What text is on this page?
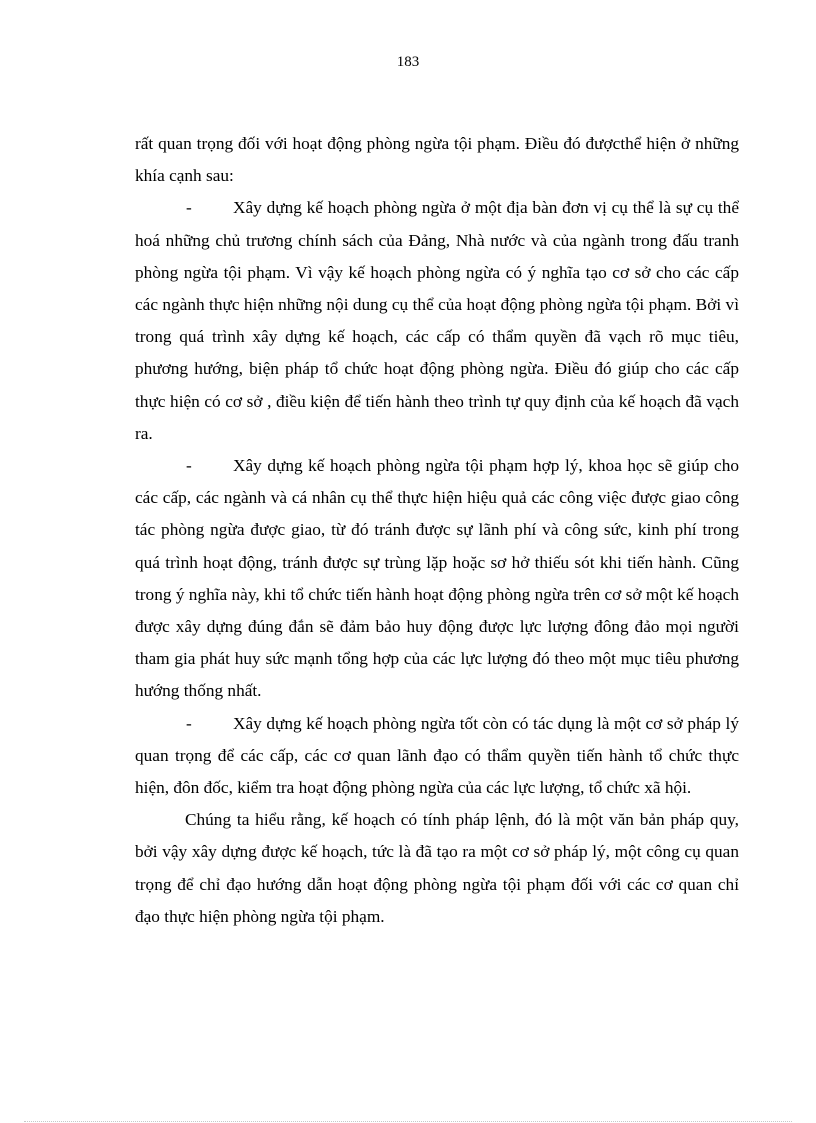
183

rất quan trọng đối với hoạt động phòng ngừa tội phạm. Điều đó đượcthể hiện ở những khía cạnh sau:

- Xây dựng kế hoạch phòng ngừa ở một địa bàn đơn vị cụ thể là sự cụ thể hoá những chủ trương chính sách của Đảng, Nhà nước và của ngành trong đấu tranh phòng ngừa tội phạm. Vì vậy kế hoạch phòng ngừa có ý nghĩa tạo cơ sở cho các cấp các ngành thực hiện những nội dung cụ thể của hoạt động phòng ngừa tội phạm. Bởi vì trong quá trình xây dựng kế hoạch, các cấp có thẩm quyền đã vạch rõ mục tiêu, phương hướng, biện pháp tổ chức hoạt động phòng ngừa. Điều đó giúp cho các cấp thực hiện có cơ sở , điều kiện để tiến hành theo trình tự quy định của kế hoạch đã vạch ra.

- Xây dựng kế hoạch phòng ngừa tội phạm hợp lý, khoa học sẽ giúp cho các cấp, các ngành và cá nhân cụ thể thực hiện hiệu quả các công việc được giao công tác phòng ngừa được giao, từ đó tránh được sự lãnh phí và công sức, kinh phí trong quá trình hoạt động, tránh được sự trùng lặp hoặc sơ hở thiếu sót khi tiến hành. Cũng trong ý nghĩa này, khi tổ chức tiến hành hoạt động phòng ngừa trên cơ sở một kế hoạch được xây dựng đúng đắn sẽ đảm bảo huy động được lực lượng đông đảo mọi người tham gia phát huy sức mạnh tổng hợp của các lực lượng đó theo một mục tiêu phương hướng thống nhất.

- Xây dựng kế hoạch phòng ngừa tốt còn có tác dụng là một cơ sở pháp lý quan trọng để các cấp, các cơ quan lãnh đạo có thẩm quyền tiến hành tổ chức thực hiện, đôn đốc, kiểm tra hoạt động phòng ngừa của các lực lượng, tổ chức xã hội.

Chúng ta hiểu rằng, kế hoạch có tính pháp lệnh, đó là một văn bản pháp quy, bởi vậy xây dựng được kế hoạch, tức là đã tạo ra một cơ sở pháp lý, một công cụ quan trọng để chỉ đạo hướng dẫn hoạt động phòng ngừa tội phạm đối với các cơ quan chỉ đạo thực hiện phòng ngừa tội phạm.
